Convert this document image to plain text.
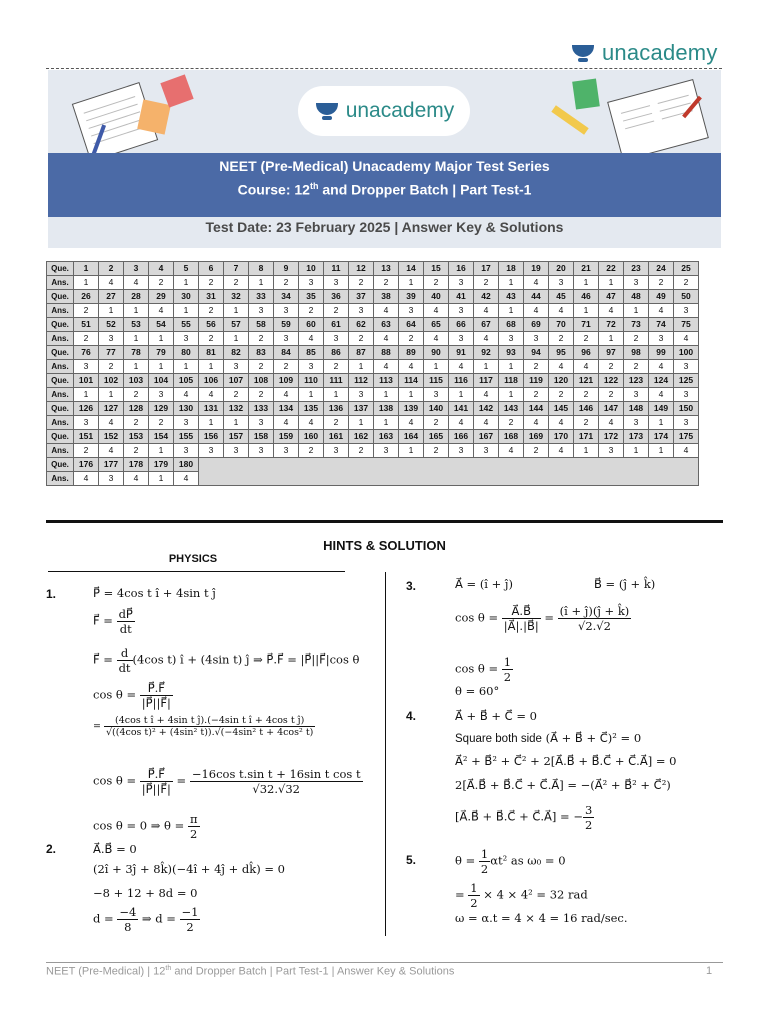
unacademy
unacademy
NEET (Pre-Medical) Unacademy Major Test Series
Course: 12th and Dropper Batch | Part Test-1
Test Date: 23 February 2025 | Answer Key & Solutions
Que.	1	2	3	4	5	6	7	8	9	10	11	12	13	14	15	16	17	18	19	20	21	22	23	24	25
Ans.	1	4	4	2	1	2	2	1	2	3	3	2	2	1	2	3	2	1	4	3	1	1	3	2	2
Que.	26	27	28	29	30	31	32	33	34	35	36	37	38	39	40	41	42	43	44	45	46	47	48	49	50
Ans.	2	1	1	4	1	2	1	3	3	2	2	3	4	3	4	3	4	1	4	4	1	4	1	4	3
Que.	51	52	53	54	55	56	57	58	59	60	61	62	63	64	65	66	67	68	69	70	71	72	73	74	75
Ans.	2	3	1	1	3	2	1	2	3	4	3	2	4	2	4	3	4	3	3	2	2	1	2	3	4
Que.	76	77	78	79	80	81	82	83	84	85	86	87	88	89	90	91	92	93	94	95	96	97	98	99	100
Ans.	3	2	1	1	1	1	3	2	2	3	2	1	4	4	1	4	1	1	2	4	4	2	2	4	3
Que.	101	102	103	104	105	106	107	108	109	110	111	112	113	114	115	116	117	118	119	120	121	122	123	124	125
Ans.	1	1	2	3	4	4	2	2	4	1	1	3	1	1	3	1	4	1	2	2	2	2	3	4	3
Que.	126	127	128	129	130	131	132	133	134	135	136	137	138	139	140	141	142	143	144	145	146	147	148	149	150
Ans.	3	4	2	2	3	1	1	3	4	4	2	1	1	4	2	4	4	2	4	4	2	4	3	1	3
Que.	151	152	153	154	155	156	157	158	159	160	161	162	163	164	165	166	167	168	169	170	171	172	173	174	175
Ans.	2	4	2	1	3	3	3	3	3	2	3	2	3	1	2	3	3	4	2	4	1	3	1	1	4
Que.	176	177	178	179	180																				
Ans.	4	3	4	1	4																				
HINTS & SOLUTION
PHYSICS
1.	P⃗ = 4cos t î + 4sin t ĵ
F⃗ = $\frac{dP⃗}{dt}$
F⃗ = $\frac{d}{dt} (4\cos$ t) î + (4sin t) ĵ ⇒ P⃗.F⃗ = |P⃗||F⃗|cos θ
$\cos \theta = \frac{P⃗.F⃗}{|P⃗||F⃗|}$
= $\frac{\text{(4cos t î + 4sin t ĵ).(−4sin t î + 4cos t ĵ)}}{\text{√((4cos t)² + (4sin² t)).√(−4sin² t + 4cos² t)}}$
$\cos \theta = \frac{P⃗.F⃗}{|P⃗||F⃗|} = \frac{\text{−16cos t.sin t + 16sin t cos t}}{√32.√32}$
cos θ = 0 ⇒ $\theta = \frac{\pi}{2}$
2.	A⃗.B⃗ = 0
(2î + 3ĵ + 8k̂)(−4î + 4ĵ + dk̂) = 0
−8 + 12 + 8d = 0
$d = \frac{-4}{8}$ ⇒ $d = \frac{-1}{2}$
3.	A⃗ = (î + ĵ)	B⃗ = (ĵ + k̂)
$\cos \theta = \frac{A⃗.B⃗}{|A⃗|.|B⃗|} = \frac{(î + ĵ)(ĵ + k̂)}{√2.√2}$
$\cos \theta = \frac{1}{2}$
θ = 60°
4.	A⃗ + B⃗ + C⃗ = 0
Square both side (A⃗ + B⃗ + C⃗)² = 0
A⃗² + B⃗² + C⃗² + 2[A⃗.B⃗ + B⃗.C⃗ + C⃗.A⃗] = 0
2[A⃗.B⃗ + B⃗.C⃗ + C⃗.A⃗] = −(A⃗² + B⃗² + C⃗²)
[A⃗.B⃗ + B⃗.C⃗ + C⃗.A⃗] = − $\frac{3}{2}$
5.	$\theta = \frac{1}{2} \alpha t^2$ as ω₀ = 0
= $\frac{1}{2} \times 4 \times 4^2 = 32$ rad
ω = α.t = 4 × 4 = 16 rad/sec.
NEET (Pre-Medical) | 12th and Dropper Batch | Part Test-1 | Answer Key & Solutions	1
